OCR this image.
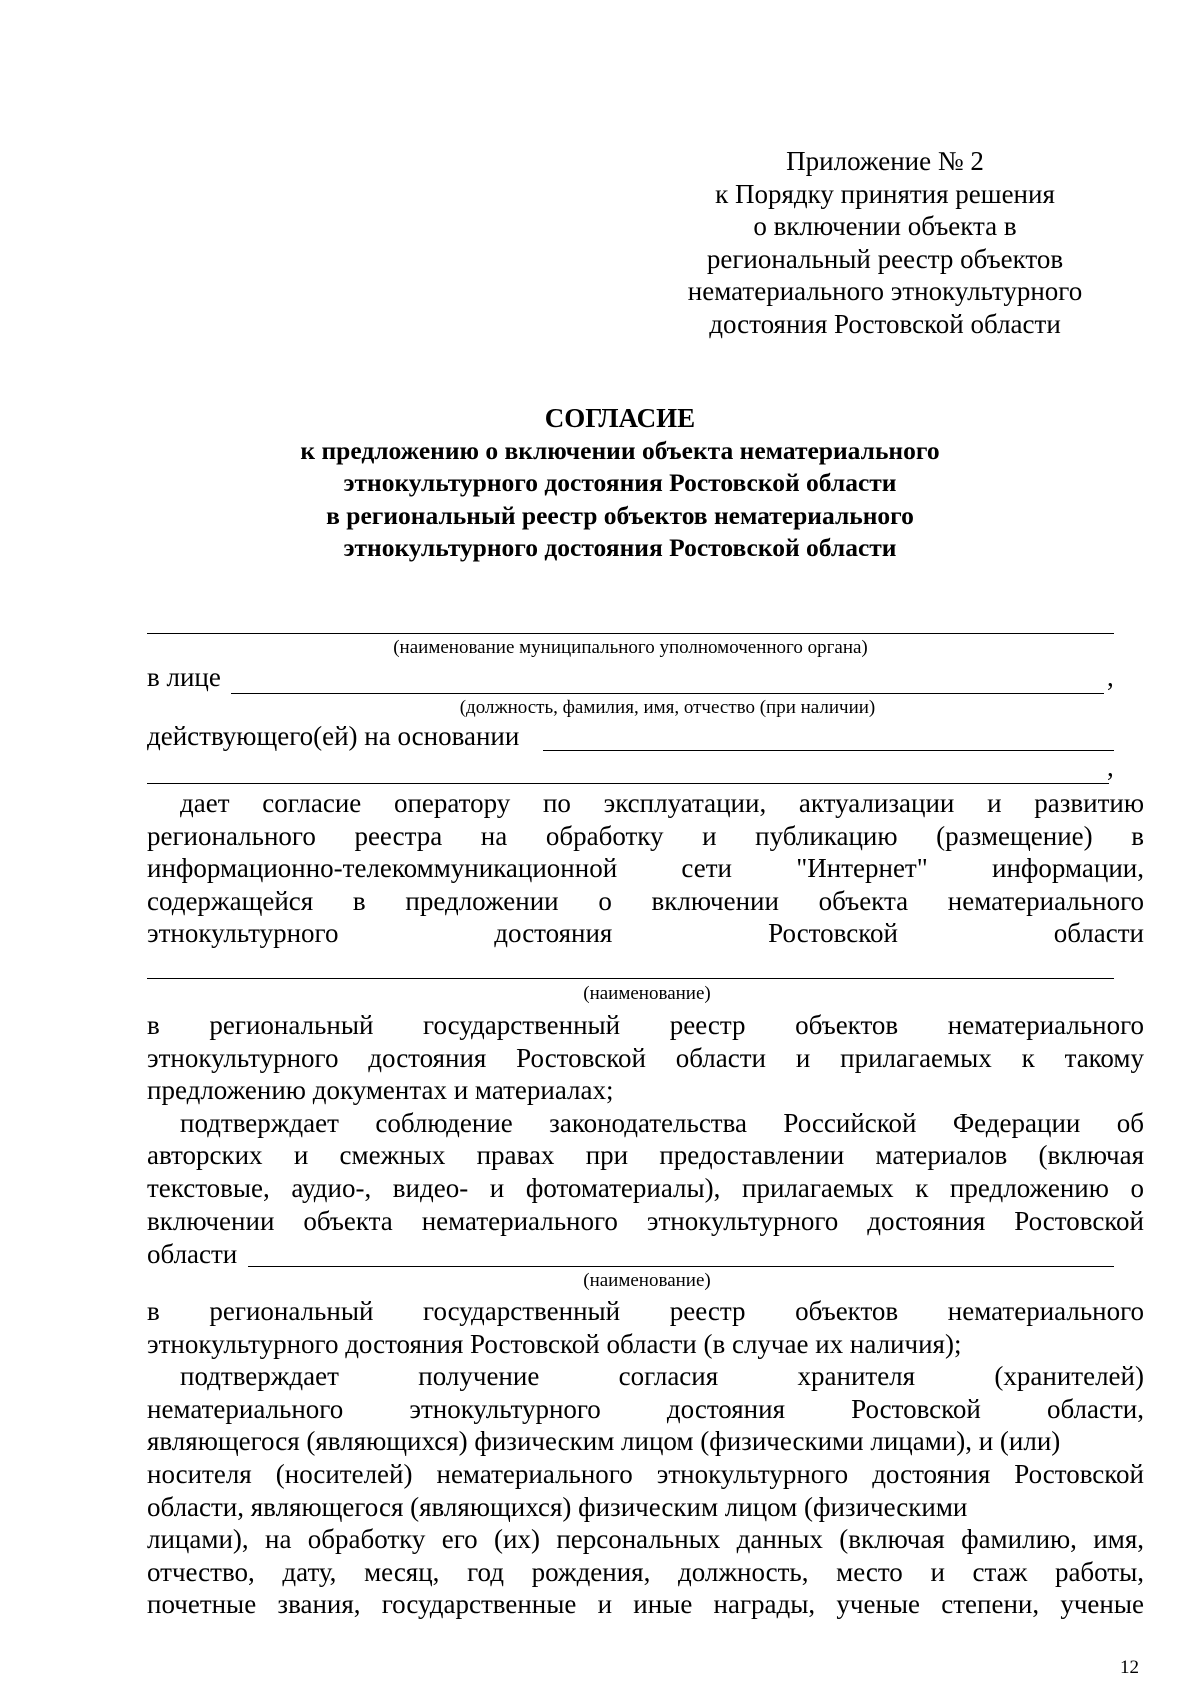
Приложение № 2
к Порядку принятия решения
о включении объекта в
региональный реестр объектов
нематериального этнокультурного
достояния Ростовской области
СОГЛАСИЕ
к предложению о включении объекта нематериального
этнокультурного достояния Ростовской области
в региональный реестр объектов нематериального
этнокультурного достояния Ростовской области
(наименование муниципального уполномоченного органа)
в лице	,
(должность, фамилия, имя, отчество (при наличии)
действующего(ей) на основании
,
дает согласие оператору по эксплуатации, актуализации и развитию
регионального реестра на обработку и публикацию (размещение) в
информационно-телекоммуникационной сети "Интернет" информации,
содержащейся в предложении о включении объекта нематериального
этнокультурного достояния Ростовской области
(наименование)
в региональный государственный реестр объектов нематериального
этнокультурного достояния Ростовской области и прилагаемых к такому
предложению документах и материалах;
подтверждает соблюдение законодательства Российской Федерации об
авторских и смежных правах при предоставлении материалов (включая
текстовые, аудио-, видео- и фотоматериалы), прилагаемых к предложению о
включении объекта нематериального этнокультурного достояния Ростовской
области
(наименование)
в региональный государственный реестр объектов нематериального
этнокультурного достояния Ростовской области (в случае их наличия);
подтверждает получение согласия хранителя (хранителей)
нематериального этнокультурного достояния Ростовской области,
являющегося (являющихся) физическим лицом (физическими лицами), и (или)
носителя (носителей) нематериального этнокультурного достояния Ростовской
области, являющегося (являющихся) физическим лицом (физическими
лицами), на обработку его (их) персональных данных (включая фамилию, имя,
отчество, дату, месяц, год рождения, должность, место и стаж работы,
почетные звания, государственные и иные награды, ученые степени, ученые
12
